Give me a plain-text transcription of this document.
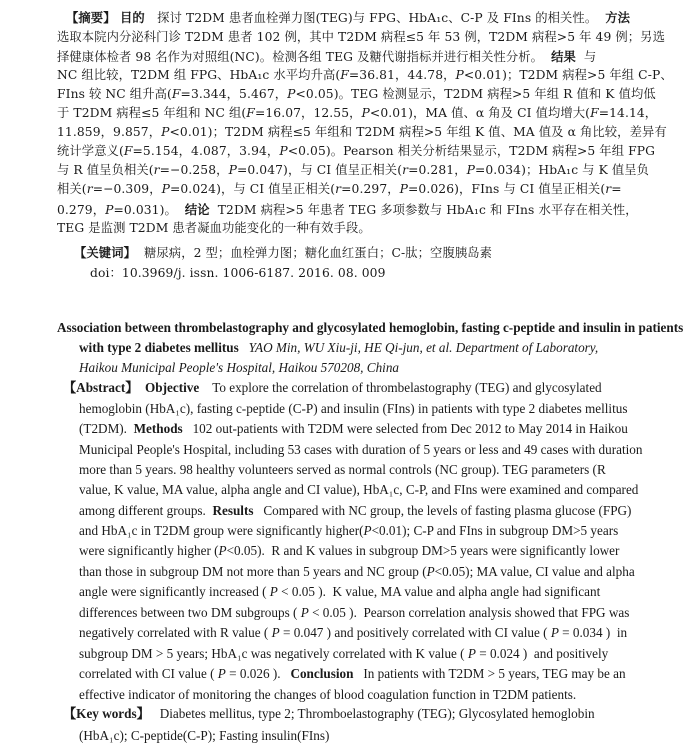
【摘要】 目的   探讨 T2DM 患者血栓弹力图(TEG)与 FPG、HbA₁c、C-P 及 FIns 的相关性。  方法
选取本院内分泌科门诊 T2DM 患者 102 例，其中 T2DM 病程≤5 年 53 例，T2DM 病程>5 年 49 例；另选
择健康体检者 98 名作为对照组(NC)。检测各组 TEG 及糖代谢指标并进行相关性分析。  结果  与
NC 组比较，T2DM 组 FPG、HbA₁c 水平均升高(F=36.81，44.78，P<0.01)；T2DM 病程>5 年组 C-P、
FIns 较 NC 组升高(F=3.344，5.467，P<0.05)。TEG 检测显示，T2DM 病程>5 年组 R 值和 K 值均低
于 T2DM 病程≤5 年组和 NC 组(F=16.07，12.55，P<0.01)，MA 值、α 角及 CI 值均增大(F=14.14，
11.859，9.857，P<0.01)；T2DM 病程≤5 年组和 T2DM 病程>5 年组 K 值、MA 值及 α 角比较，差异有
统计学意义(F=5.154，4.087，3.94，P<0.05)。Pearson 相关分析结果显示，T2DM 病程>5 年组 FPG
与 R 值呈负相关(r=−0.258，P=0.047)，与 CI 值呈正相关(r=0.281，P=0.034)；HbA₁c 与 K 值呈负
相关(r=−0.309，P=0.024)，与 CI 值呈正相关(r=0.297，P=0.026)，FIns 与 CI 值呈正相关(r=
0.279，P=0.031)。  结论  T2DM 病程>5 年患者 TEG 多项参数与 HbA₁c 和 FIns 水平存在相关性，
TEG 是监测 T2DM 患者凝血功能变化的一种有效手段。
【关键词】  糖尿病，2 型；血栓弹力图；糖化血红蛋白；C-肽；空腹胰岛素
doi：10.3969/j. issn. 1006-6187. 2016. 08. 009
Association between thrombelastography and glycosylated hemoglobin, fasting c-peptide and insulin in patients
with type 2 diabetes mellitus   YAO Min, WU Xiu-ji, HE Qi-jun, et al. Department of Laboratory,
Haikou Municipal People's Hospital, Haikou 570208, China
【Abstract】 Objective    To explore the correlation of thrombelastography (TEG) and glycosylated
hemoglobin (HbA₁c), fasting c-peptide (C-P) and insulin (FIns) in patients with type 2 diabetes mellitus
(T2DM).  Methods   102 out-patients with T2DM were selected from Dec 2012 to May 2014 in Haikou
Municipal People's Hospital, including 53 cases with duration of 5 years or less and 49 cases with duration
more than 5 years. 98 healthy volunteers served as normal controls (NC group). TEG parameters (R
value, K value, MA value, alpha angle and CI value), HbA₁c, C-P, and FIns were examined and compared
among different groups.  Results   Compared with NC group, the levels of fasting plasma glucose (FPG)
and HbA₁c in T2DM group were significantly higher(P<0.01); C-P and FIns in subgroup DM>5 years
were significantly higher (P<0.05).  R and K values in subgroup DM>5 years were significantly lower
than those in subgroup DM not more than 5 years and NC group (P<0.05); MA value, CI value and alpha
angle were significantly increased ( P < 0.05 ).  K value, MA value and alpha angle had significant
differences between two DM subgroups ( P < 0.05 ).  Pearson correlation analysis showed that FPG was
negatively correlated with R value ( P = 0.047 ) and positively correlated with CI value ( P = 0.034 )  in
subgroup DM > 5 years; HbA₁c was negatively correlated with K value ( P = 0.024 )  and positively
correlated with CI value ( P = 0.026 ).   Conclusion   In patients with T2DM > 5 years, TEG may be an
effective indicator of monitoring the changes of blood coagulation function in T2DM patients.
【Key words】   Diabetes mellitus, type 2; Thromboelastography (TEG); Glycosylated hemoglobin
(HbA₁c); C-peptide(C-P); Fasting insulin(FIns)
